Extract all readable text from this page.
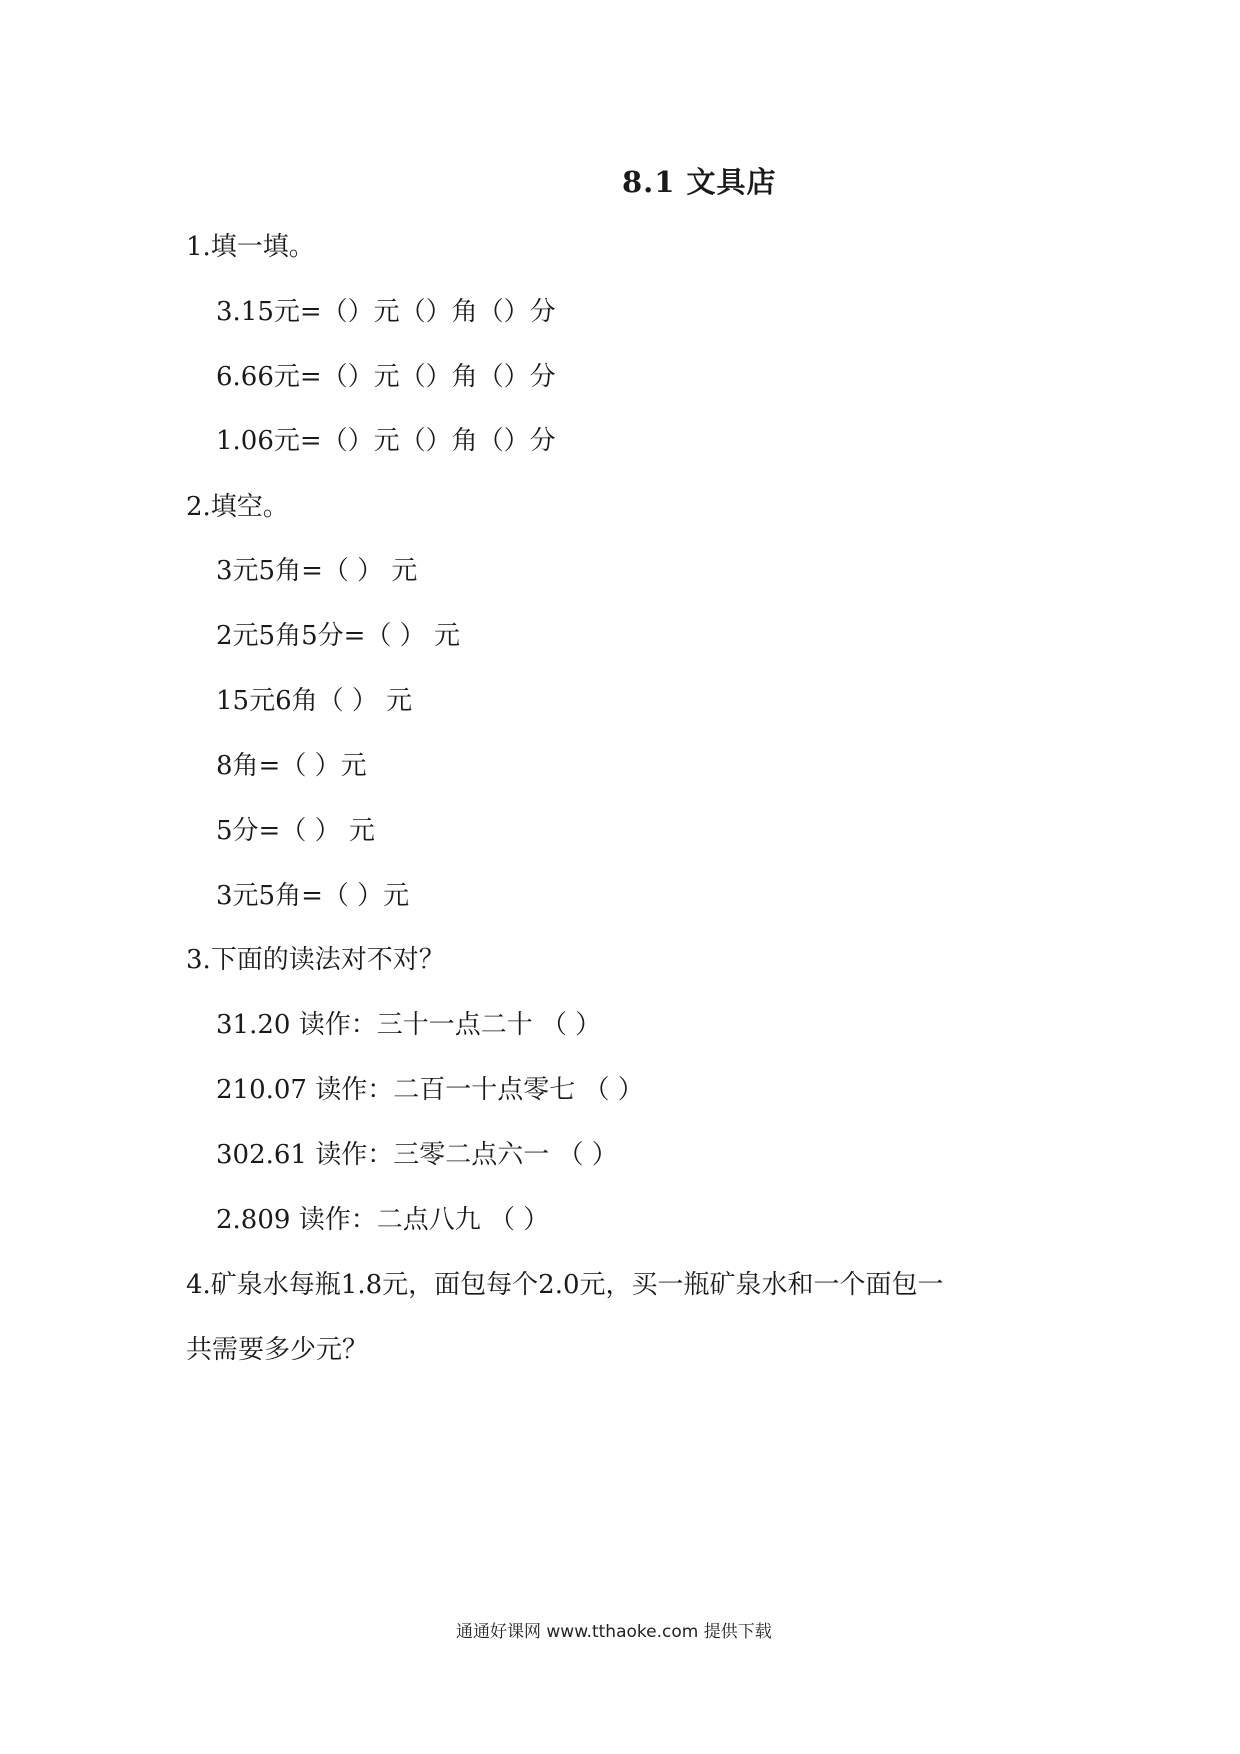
8.1 文具店
1.填一填。
3.15元=（）元（）角（）分
6.66元=（）元（）角（）分
1.06元=（）元（）角（）分
2.填空。
3元5角=（ ） 元
2元5角5分=（ ） 元
15元6角（ ） 元
8角=（ ）元
5分=（ ） 元
3元5角=（ ）元
3.下面的读法对不对？
31.20 读作：三十一点二十 （ ）
210.07 读作：二百一十点零七 （ ）
302.61 读作：三零二点六一 （ ）
2.809 读作：二点八九 （ ）
4.矿泉水每瓶1.8元，面包每个2.0元，买一瓶矿泉水和一个面包一
共需要多少元？
通通好课网 www.tthaoke.com 提供下载
